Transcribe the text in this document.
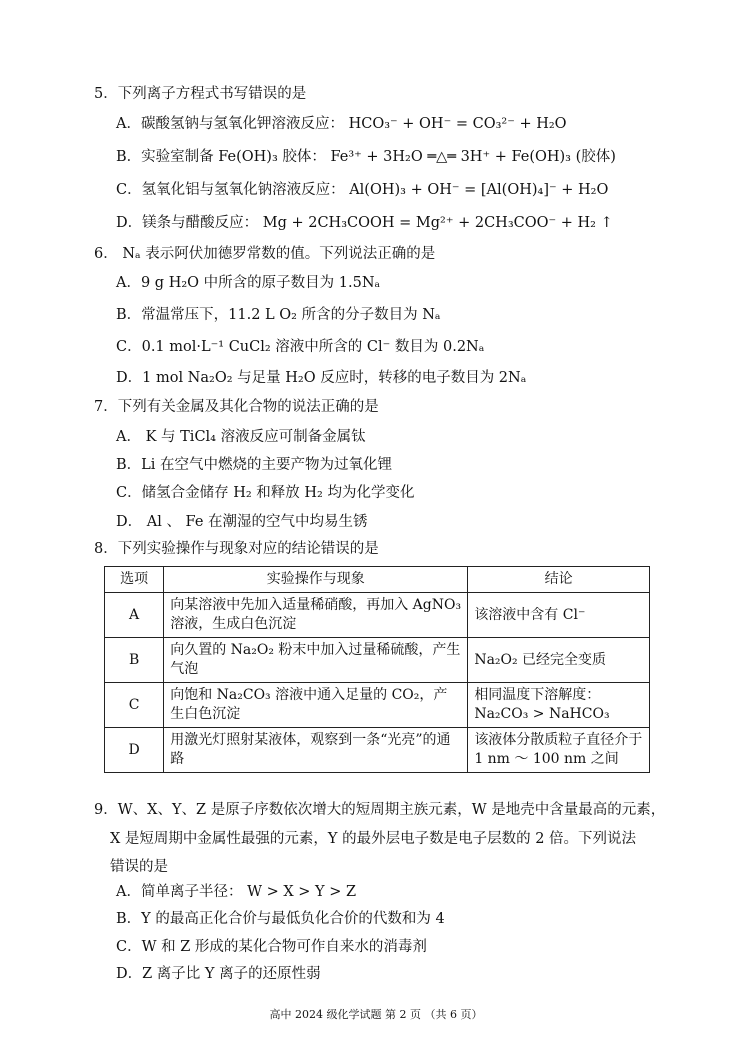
5．下列离子方程式书写错误的是
A．碳酸氢钠与氢氧化钾溶液反应： HCO₃⁻ + OH⁻ = CO₃²⁻ + H₂O
B．实验室制备 Fe(OH)₃ 胶体： Fe³⁺ + 3H₂O ═△═ 3H⁺ + Fe(OH)₃ (胶体)
C．氢氧化铝与氢氧化钠溶液反应： Al(OH)₃ + OH⁻ = [Al(OH)₄]⁻ + H₂O
D．镁条与醋酸反应： Mg + 2CH₃COOH = Mg²⁺ + 2CH₃COO⁻ + H₂ ↑
6． Nₐ 表示阿伏加德罗常数的值。下列说法正确的是
A．9 g H₂O 中所含的原子数目为 1.5Nₐ
B．常温常压下，11.2 L O₂ 所含的分子数目为 Nₐ
C．0.1 mol·L⁻¹ CuCl₂ 溶液中所含的 Cl⁻ 数目为 0.2Nₐ
D．1 mol Na₂O₂ 与足量 H₂O 反应时，转移的电子数目为 2Nₐ
7．下列有关金属及其化合物的说法正确的是
A． K 与 TiCl₄ 溶液反应可制备金属钛
B．Li 在空气中燃烧的主要产物为过氧化锂
C．储氢合金储存 H₂ 和释放 H₂ 均为化学变化
D． Al 、 Fe 在潮湿的空气中均易生锈
8．下列实验操作与现象对应的结论错误的是
选项	实验操作与现象	结论
A	向某溶液中先加入适量稀硝酸，再加入 AgNO₃ 溶液，生成白色沉淀	该溶液中含有 Cl⁻
B	向久置的 Na₂O₂ 粉末中加入过量稀硫酸，产生气泡	Na₂O₂ 已经完全变质
C	向饱和 Na₂CO₃ 溶液中通入足量的 CO₂，产生白色沉淀	相同温度下溶解度：Na₂CO₃ > NaHCO₃
D	用激光灯照射某液体，观察到一条“光亮”的通路	该液体分散质粒子直径介于 1 nm ～ 100 nm 之间
9．W、X、Y、Z 是原子序数依次增大的短周期主族元素，W 是地壳中含量最高的元素，
X 是短周期中金属性最强的元素，Y 的最外层电子数是电子层数的 2 倍。下列说法
错误的是
A．简单离子半径： W > X > Y > Z
B．Y 的最高正化合价与最低负化合价的代数和为 4
C．W 和 Z 形成的某化合物可作自来水的消毒剂
D．Z 离子比 Y 离子的还原性弱
高中 2024 级化学试题 第 2 页 （共 6 页）
